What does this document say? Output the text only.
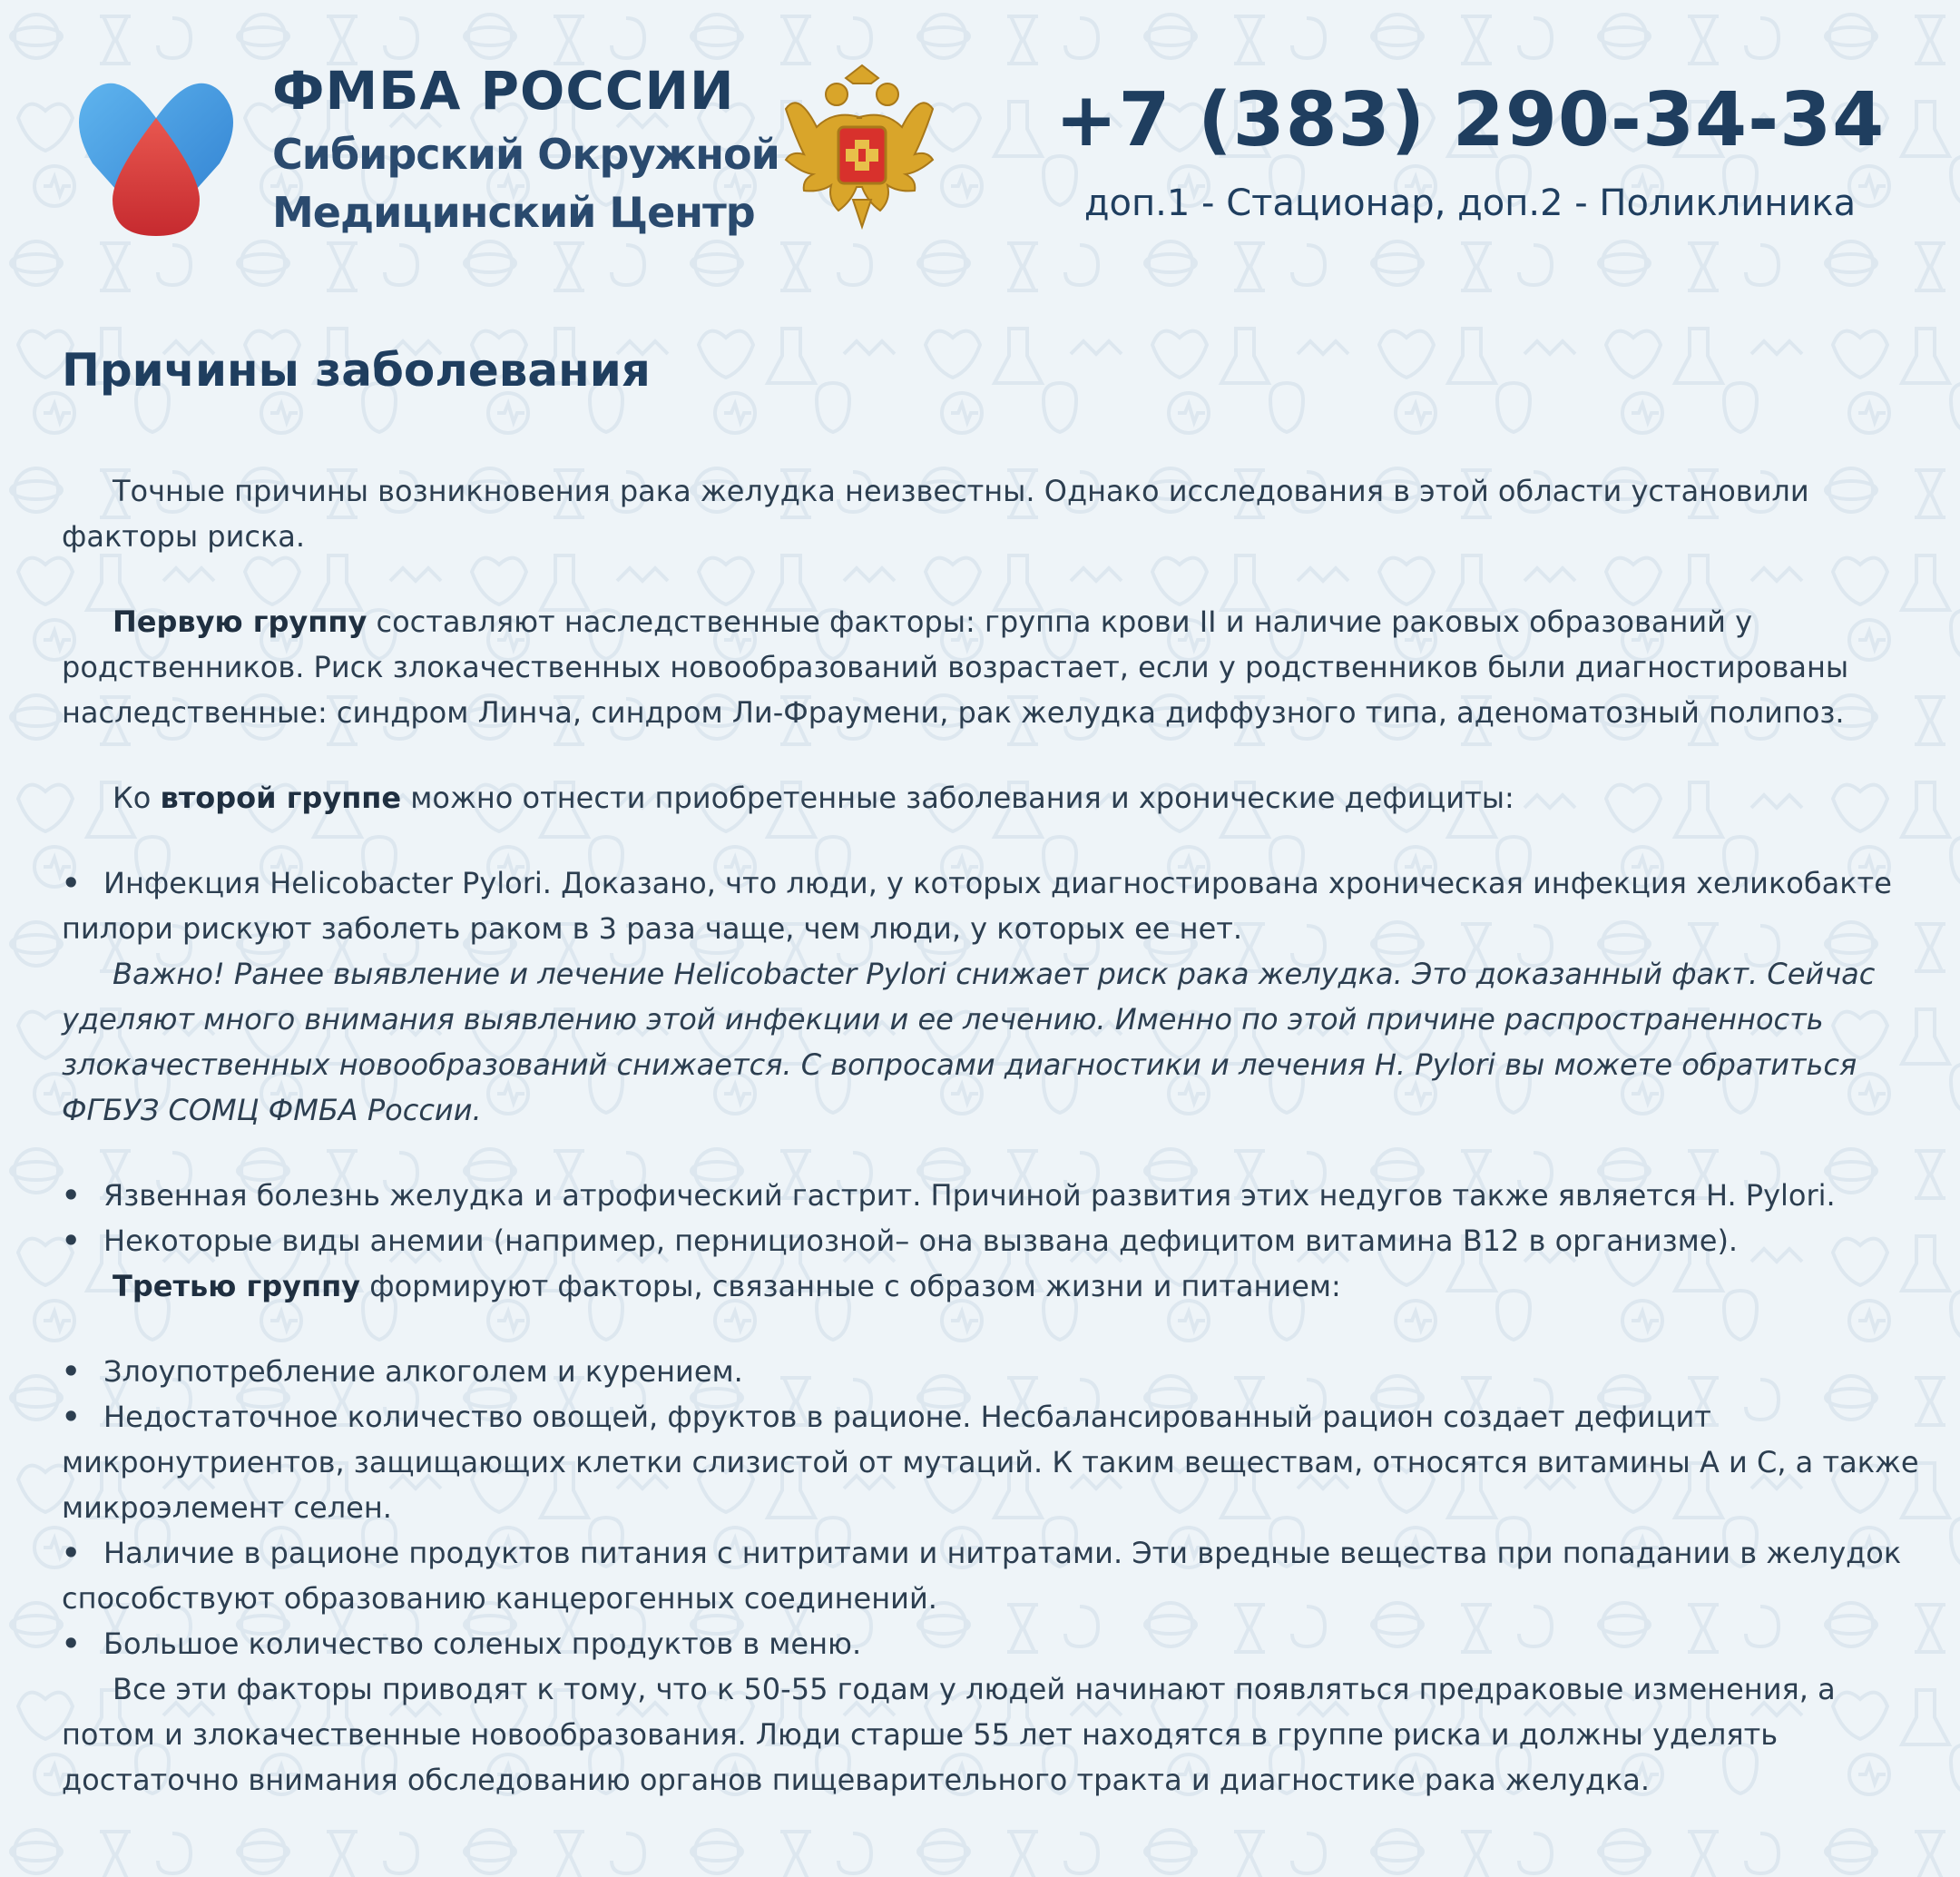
ФМБА РОССИИ
Сибирский Окружной
Медицинский Центр
+7 (383) 290-34-34
доп.1 - Стационар, доп.2 - Поликлиника
Причины заболевания
Точные причины возникновения рака желудка неизвестны. Однако исследования в этой области установили
факторы риска.
Первую группу составляют наследственные факторы: группа крови II и наличие раковых образований у
родственников. Риск злокачественных новообразований возрастает, если у родственников были диагностированы
наследственные: синдром Линча, синдром Ли-Фраумени, рак желудка диффузного типа, аденоматозный полипоз.
Ко второй группе можно отнести приобретенные заболевания и хронические дефициты:
• Инфекция Helicobacter Pylori. Доказано, что люди, у которых диагностирована хроническая инфекция хеликобакте
пилори рискуют заболеть раком в 3 раза чаще, чем люди, у которых ее нет.
Важно! Ранее выявление и лечение Helicobacter Pylori снижает риск рака желудка. Это доказанный факт. Сейчас
уделяют много внимания выявлению этой инфекции и ее лечению. Именно по этой причине распространенность
злокачественных новообразований снижается. С вопросами диагностики и лечения H. Pylori вы можете обратиться
ФГБУЗ СОМЦ ФМБА России.
• Язвенная болезнь желудка и атрофический гастрит. Причиной развития этих недугов также является H. Pylori.
• Некоторые виды анемии (например, пернициозной– она вызвана дефицитом витамина B12 в организме).
Третью группу формируют факторы, связанные с образом жизни и питанием:
• Злоупотребление алкоголем и курением.
• Недостаточное количество овощей, фруктов в рационе. Несбалансированный рацион создает дефицит
микронутриентов, защищающих клетки слизистой от мутаций. К таким веществам, относятся витамины А и С, а также
микроэлемент селен.
• Наличие в рационе продуктов питания с нитритами и нитратами. Эти вредные вещества при попадании в желудок
способствуют образованию канцерогенных соединений.
• Большое количество соленых продуктов в меню.
Все эти факторы приводят к тому, что к 50-55 годам у людей начинают появляться предраковые изменения, а
потом и злокачественные новообразования. Люди старше 55 лет находятся в группе риска и должны уделять
достаточно внимания обследованию органов пищеварительного тракта и диагностике рака желудка.
